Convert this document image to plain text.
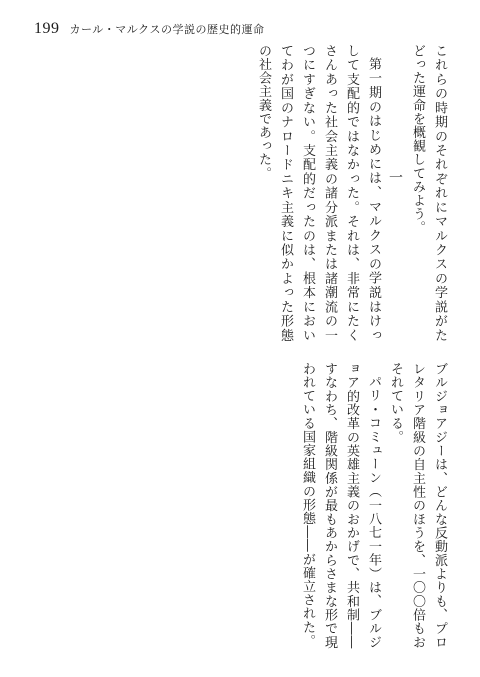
199 カール・マルクスの学説の歴史的運命

これらの時期のそれぞれにマルクスの学説がたどった運命を概観してみよう。

一

第一期のはじめには、マルクスの学説はけっして支配的ではなかった。それは、非常にたくさんあった社会主義の諸分派または諸潮流の一つにすぎない。支配的だったのは、根本においてわが国のナロードニキ主義に似かよった形態の社会主義であった。

ブルジョアジーは、どんな反動派よりも、プロレタリア階級の自主性のほうを、一〇〇倍もおそれている。

パリ・コミューン（一八七一年）は、ブルジョア的改革の英雄主義のおかげで、共和制――すなわち、階級関係が最もあからさまな形で現われている国家組織の形態――が確立された。
